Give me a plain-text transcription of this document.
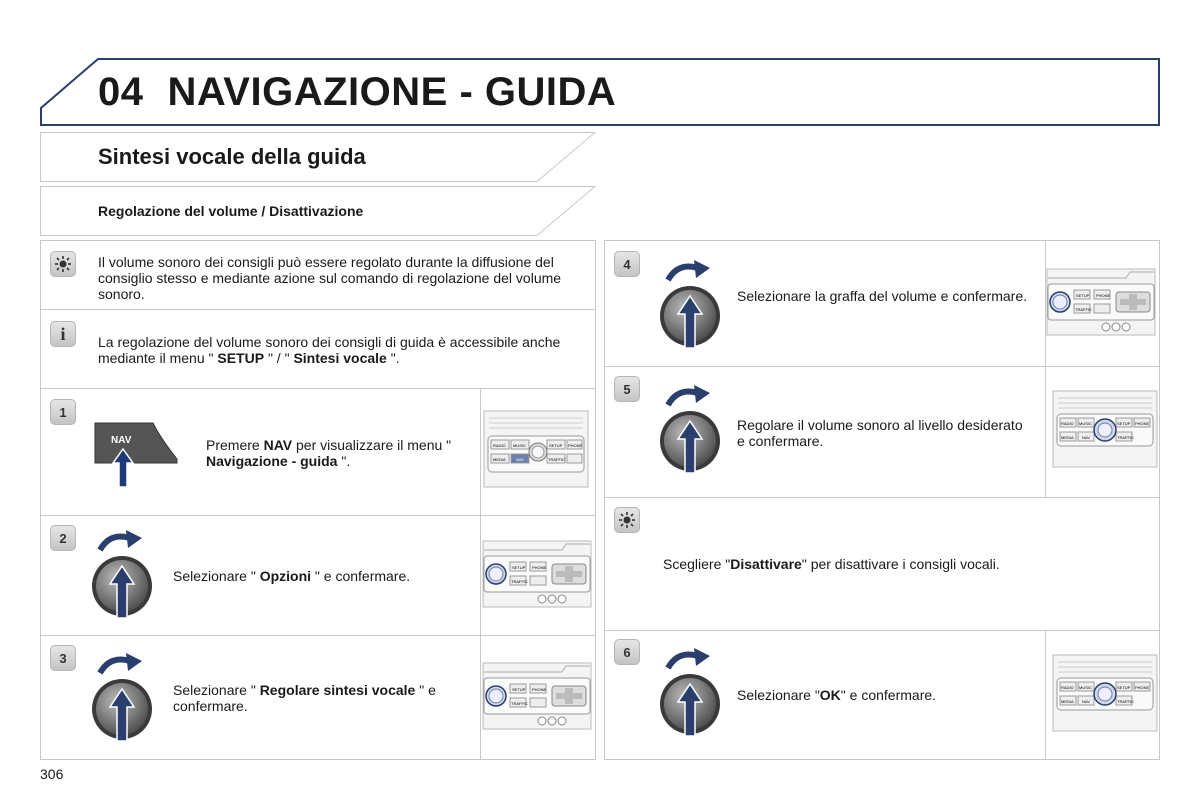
04 NAVIGAZIONE - GUIDA
Sintesi vocale della guida
Regolazione del volume / Disattivazione
Il volume sonoro dei consigli può essere regolato durante la diffusione del consiglio stesso e mediante azione sul comando di regolazione del volume sonoro.
i La regolazione del volume sonoro dei consigli di guida è accessibile anche mediante il menu " SETUP " / " Sintesi vocale ".
1
NAV	Premere NAV per visualizzare il menu " Navigazione - guida ".
2
Selezionare " Opzioni " e confermare.
3
Selezionare " Regolare sintesi vocale " e confermare.
4
Selezionare la graffa del volume e confermare.
5
Regolare il volume sonoro al livello desiderato e confermare.
Scegliere "Disattivare" per disattivare i consigli vocali.
6
Selezionare "OK" e confermare.
RADIO MUSIC	SETUP PHONE
MEDIA	NAV	TRAFFIC
SETUP
TRAFFIC
PHONE
SETUP
TRAFFIC
PHONE
SETUP
TRAFFIC
PHONE
RADIO MUSIC	SETUP PHONE
MEDIA NAV	TRAFFIC
RADIO MUSIC	SETUP PHONE
MEDIA NAV	TRAFFIC
306
